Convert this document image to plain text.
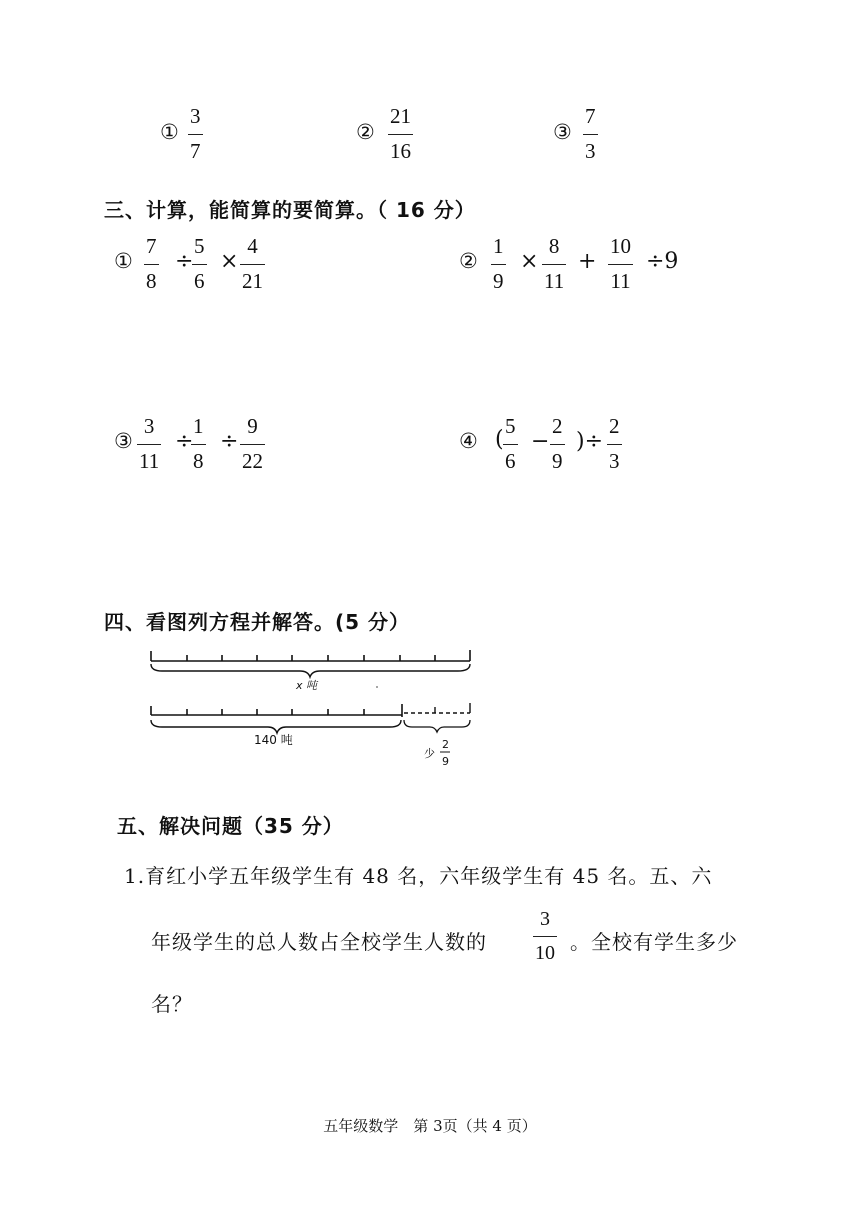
①
3
7
②
21
16
③
7
3
三、计算，能简算的要简算。（ 16 分）
①
7
8
÷
5
6
×
4
21
②
1
9
×
8
11
+
10
11
÷9
③
3
11
÷
1
8
÷
9
22
④ (
5
6
−
2
9
)÷
2
3
四、看图列方程并解答。(5 分）
x 吨
140 吨
少
2
9
五、解决问题（35 分）
1.育红小学五年级学生有 48 名，六年级学生有 45 名。五、六
年级学生的总人数占全校学生人数的
3
10 。全校有学生多少
名？
五年级数学　第 3页（共 4 页）
